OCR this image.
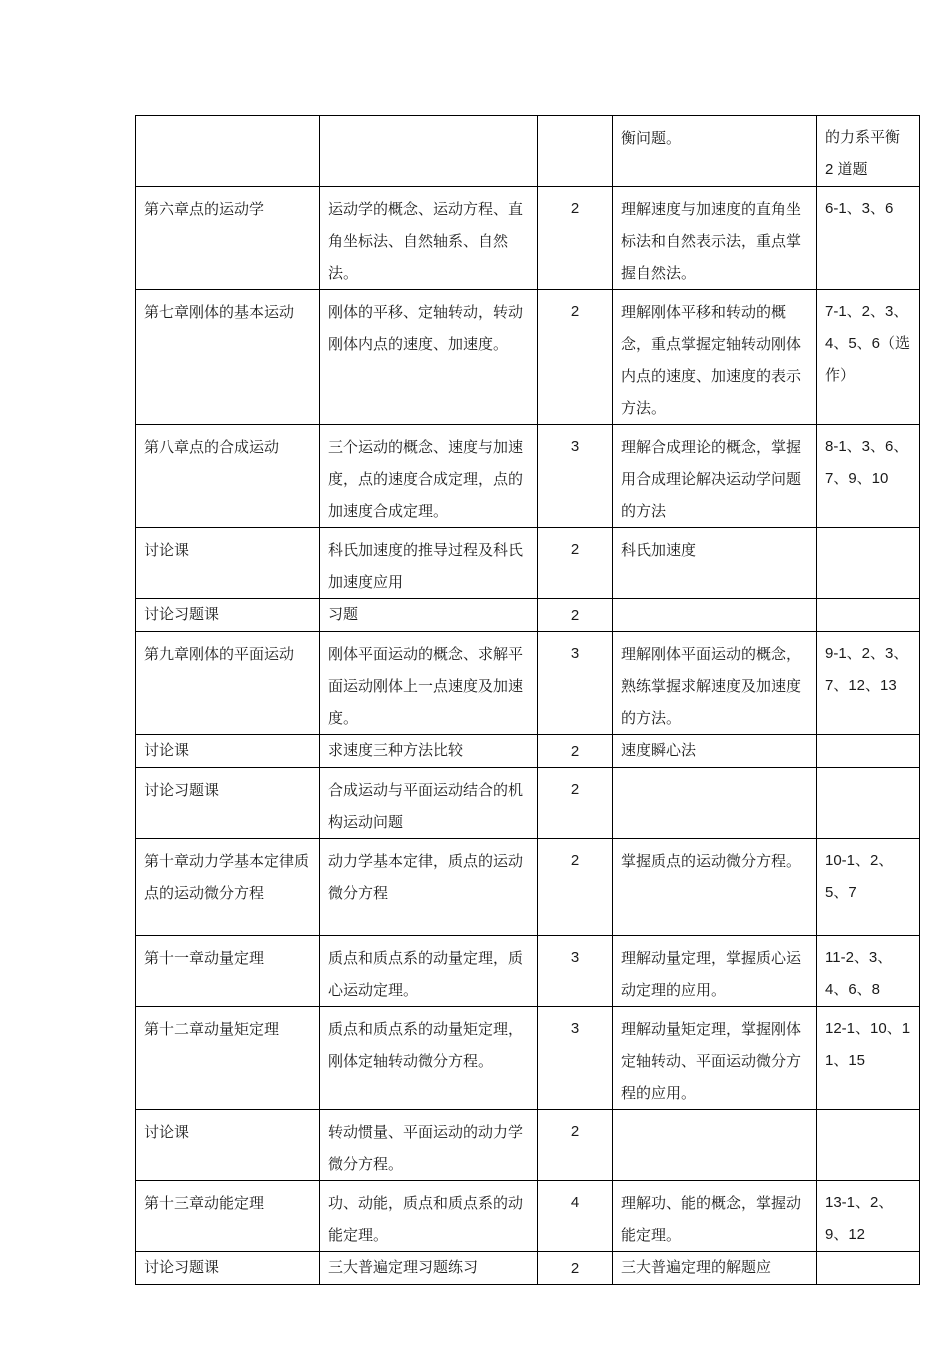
			衡问题。	的力系平衡 2 道题

第六章点的运动学	运动学的概念、运动方程、直角坐标法、自然轴系、自然法。	2	理解速度与加速度的直角坐标法和自然表示法，重点掌握自然法。	6-1、3、6

第七章刚体的基本运动	刚体的平移、定轴转动，转动刚体内点的速度、加速度。	2	理解刚体平移和转动的概念，重点掌握定轴转动刚体内点的速度、加速度的表示方法。	7-1、2、3、4、5、6（选作）

第八章点的合成运动	三个运动的概念、速度与加速度，点的速度合成定理，点的加速度合成定理。	3	理解合成理论的概念，掌握用合成理论解决运动学问题的方法	8-1、3、6、7、9、10

讨论课	科氏加速度的推导过程及科氏加速度应用	2	科氏加速度	

讨论习题课	习题	2		

第九章刚体的平面运动	刚体平面运动的概念、求解平面运动刚体上一点速度及加速度。	3	理解刚体平面运动的概念，熟练掌握求解速度及加速度的方法。	9-1、2、3、7、12、13

讨论课	求速度三种方法比较	2	速度瞬心法	

讨论习题课	合成运动与平面运动结合的机构运动问题	2		

第十章动力学基本定律质点的运动微分方程	动力学基本定律，质点的运动微分方程	2	掌握质点的运动微分方程。	10-1、2、5、7

第十一章动量定理	质点和质点系的动量定理，质心运动定理。	3	理解动量定理，掌握质心运动定理的应用。	11-2、3、4、6、8

第十二章动量矩定理	质点和质点系的动量矩定理，刚体定轴转动微分方程。	3	理解动量矩定理，掌握刚体定轴转动、平面运动微分方程的应用。	12-1、10、11、15

讨论课	转动惯量、平面运动的动力学微分方程。	2		

第十三章动能定理	功、动能，质点和质点系的动能定理。	4	理解功、能的概念，掌握动能定理。	13-1、2、9、12

讨论习题课	三大普遍定理习题练习	2	三大普遍定理的解题应	
